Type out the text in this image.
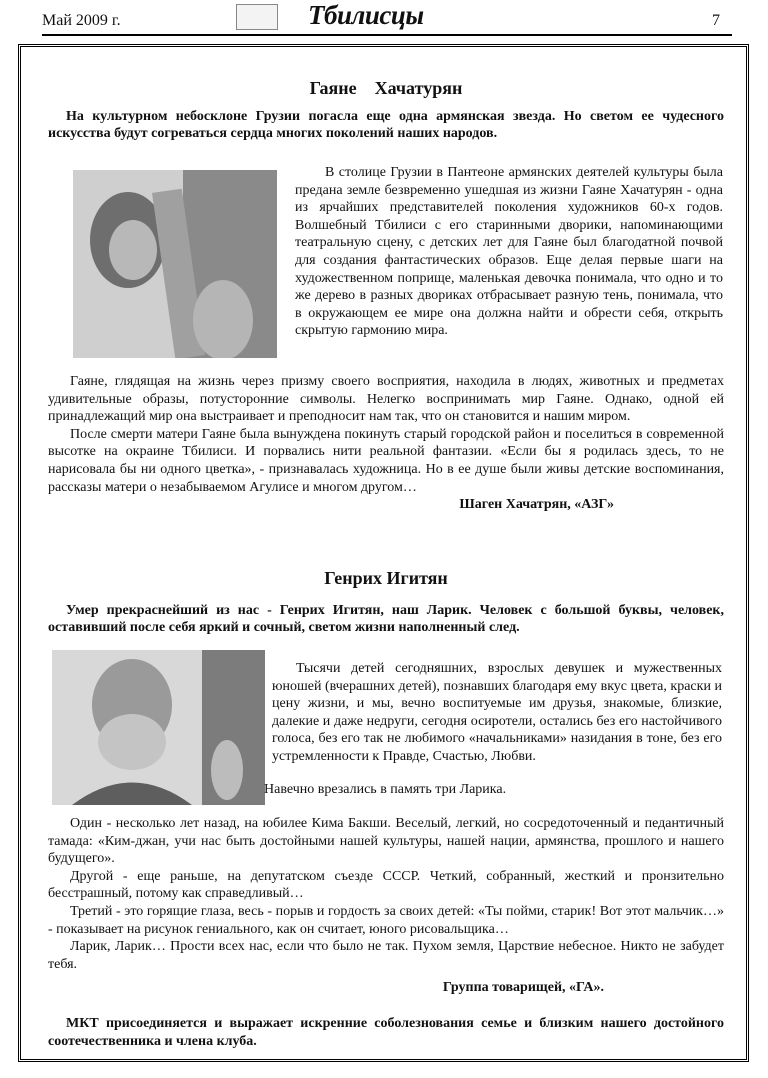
Май 2009 г.	Тбилисцы	7
Гаяне    Хачатурян

На культурном небосклоне Грузии погасла еще одна армянская звезда. Но светом ее чудесного искусства будут согреваться сердца многих поколений наших народов.

В столице Грузии в Пантеоне армянских деятелей культуры была предана земле безвременно ушедшая из жизни Гаяне Хачатурян - одна из ярчайших представителей поколения художников 60-х годов. Волшебный Тбилиси с его старинными дворики, напоминающими театральную сцену, с детских лет для Гаяне был благодатной почвой для создания фантастических образов. Еще делая первые шаги на художественном поприще, маленькая девочка понимала, что одно и то же дерево в разных двориках отбрасывает разную тень, понимала, что в окружающем ее мире она должна найти и обрести себя, открыть скрытую гармонию мира.

Гаяне, глядящая на жизнь через призму своего восприятия, находила в людях, животных и предметах удивительные образы, потусторонние символы. Нелегко воспринимать мир Гаяне. Однако, одной ей принадлежащий мир она выстраивает и преподносит нам так, что он становится и нашим миром.

После смерти матери Гаяне была вынуждена покинуть старый городской район и поселиться в современной высотке на окраине Тбилиси. И порвались нити реальной фантазии. «Если бы я родилась здесь, то не нарисовала бы ни одного цветка», - признавалась художница. Но в ее душе были живы детские воспоминания, рассказы матери о незабываемом Агулисе и многом другом…

Шаген Хачатрян, «АЗГ»
Генрих Игитян

Умер прекраснейший из нас - Генрих Игитян, наш Ларик. Человек с большой буквы, человек, оставивший после себя яркий и сочный, светом жизни наполненный след.

Тысячи детей сегодняшних, взрослых девушек и мужественных юношей (вчерашних детей), познавших благодаря ему вкус цвета, краски и цену жизни, и мы, вечно воспитуемые им друзья, знакомые, близкие, далекие и даже недруги, сегодня осиротели, остались без его настойчивого голоса, без его так не любимого «начальниками» назидания в тоне, без его устремленности к Правде, Счастью, Любви.

Навечно врезались в память три Ларика.

Один - несколько лет назад, на юбилее Кима Бакши. Веселый, легкий, но сосредоточенный и педантичный тамада: «Ким-джан, учи нас быть достойными нашей культуры, нашей нации, армянства, прошлого и нашего будущего».

Другой - еще раньше, на депутатском съезде СССР. Четкий, собранный, жесткий и пронзительно бесстрашный, потому как справедливый…

Третий - это горящие глаза, весь - порыв и гордость за своих детей: «Ты пойми, старик! Вот этот мальчик…» - показывает на рисунок гениального, как он считает, юного рисовальщика…

Ларик, Ларик… Прости всех нас, если что было не так. Пухом земля, Царствие небесное. Никто не забудет тебя.

Группа товарищей, «ГА».

МКТ присоединяется и выражает искренние соболезнования семье и близким нашего достойного соотечественника и члена клуба.
